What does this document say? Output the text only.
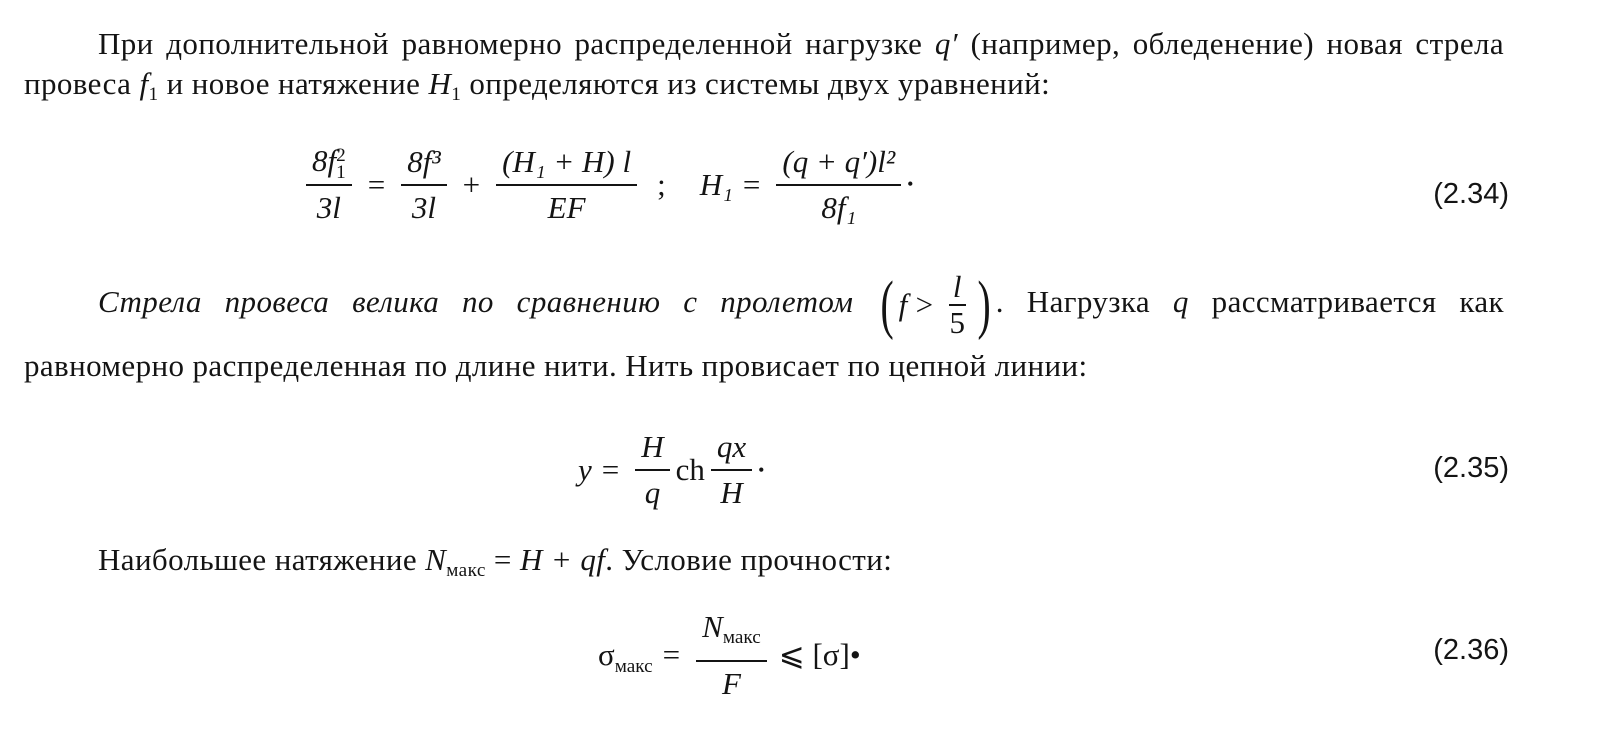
При дополнительной равномерно распределенной нагрузке q′ (например, обледенение) новая стрела провеса $f_1$ и новое натяжение $H_1$ определяются из системы двух уравнений:
8f 2
1
$3l = \frac{\text{8f³}}{3l} + \frac{\text{(H₁ + H) l}}{EF}$ ; $H_1 = \frac{\text{(q + q′)l²}}{\text{8f₁}}$ •	(2.34)
Стрела провеса велика по сравнению с пролетом ( $f > \frac{l}{5}$ ) . Нагрузка q рассматривается как равномерно распределенная по длине нити. Нить провисает по цепной линии:
$y = \frac{H}{q}$ ch $\frac{qx}{H}$ •	(2.35)
Наибольшее натяжение $N_{макс} = H$ + qf. Условие прочности:
σ макс = $\frac{N_{макс}}{F}$ ⩽ [σ]•	(2.36)
